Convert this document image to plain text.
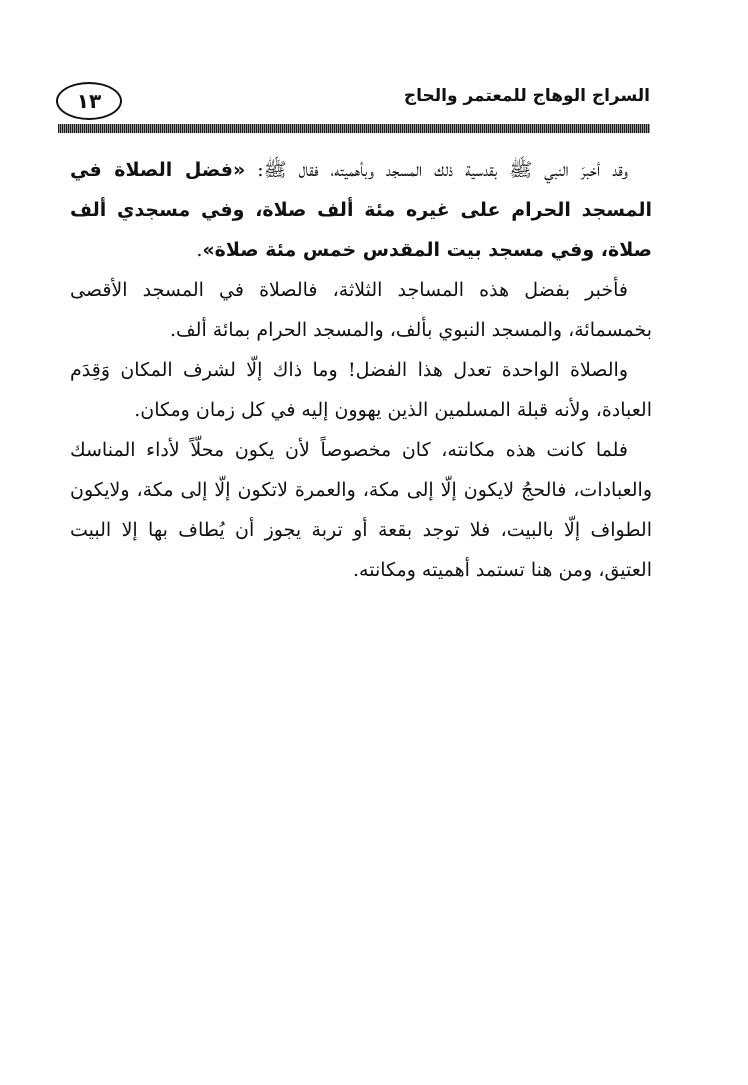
١٣	السراج الوهاج للمعتمر والحاج

وقد أخبرَ النبي ﷺ بقدسية ذلك المسجد وبأهميته، فقال ﷺ: «فضل الصلاة في المسجد الحرام على غيره مئة ألف صلاة، وفي مسجدي ألف صلاة، وفي مسجد بيت المقدس خمس مئة صلاة».

فأخبر بفضل هذه المساجد الثلاثة، فالصلاة في المسجد الأقصى بخمسمائة، والمسجد النبوي بألف، والمسجد الحرام بمائة ألف.

والصلاة الواحدة تعدل هذا الفضل! وما ذاك إلّا لشرف المكان وَقِدَم العبادة، ولأنه قبلة المسلمين الذين يهوون إليه في كل زمان ومكان.

فلما كانت هذه مكانته، كان مخصوصاً لأن يكون محلّاً لأداء المناسك والعبادات، فالحجُ لايكون إلّا إلى مكة، والعمرة لاتكون إلّا إلى مكة، ولايكون الطواف إلّا بالبيت، فلا توجد بقعة أو تربة يجوز أن يُطاف بها إلا البيت العتيق، ومن هنا تستمد أهميته ومكانته.
